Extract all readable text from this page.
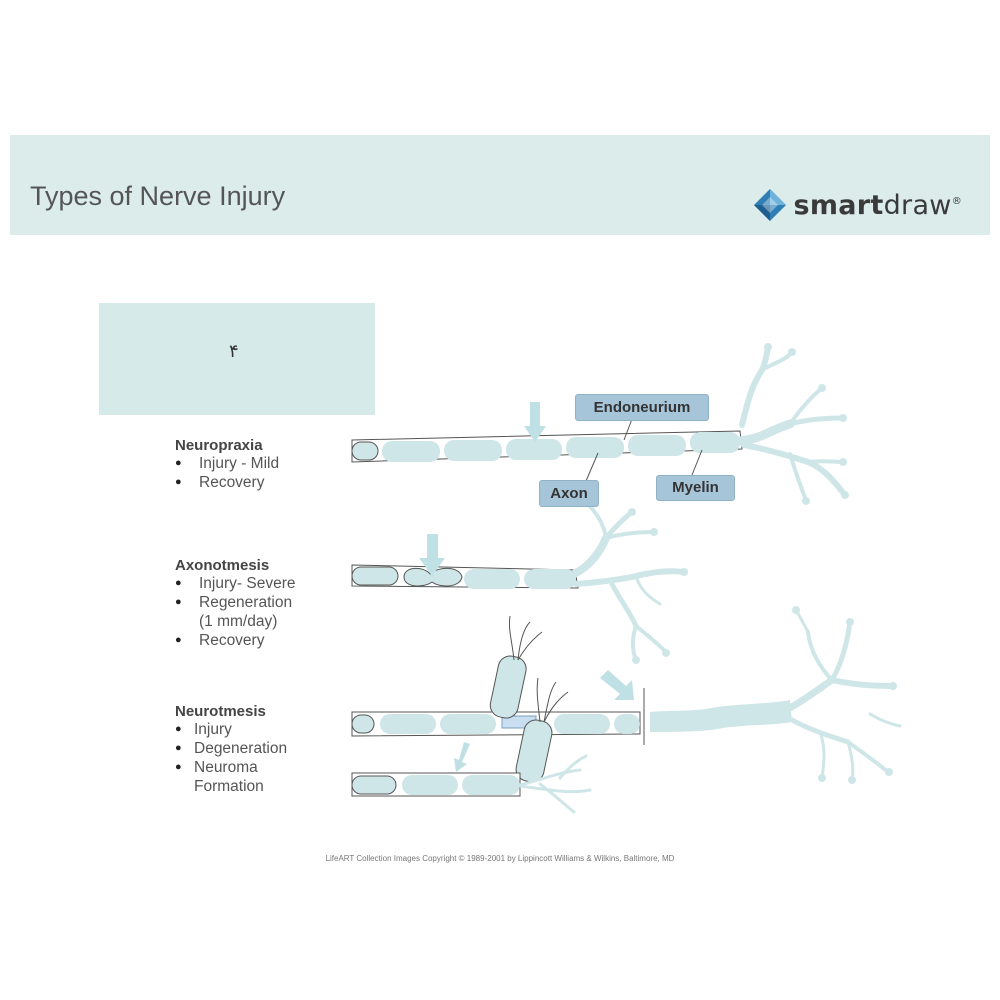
Types of Nerve Injury	smartdraw®
۴
Endoneurium
Axon	Myelin
Neuropraxia
● Injury - Mild
● Recovery
Axonotmesis
● Injury- Severe
● Regeneration
(1 mm/day)
● Recovery
Neurotmesis
● Injury
● Degeneration
● Neuroma
Formation
LifeART Collection Images Copyright © 1989-2001 by Lippincott Williams & Wilkins, Baltimore, MD
